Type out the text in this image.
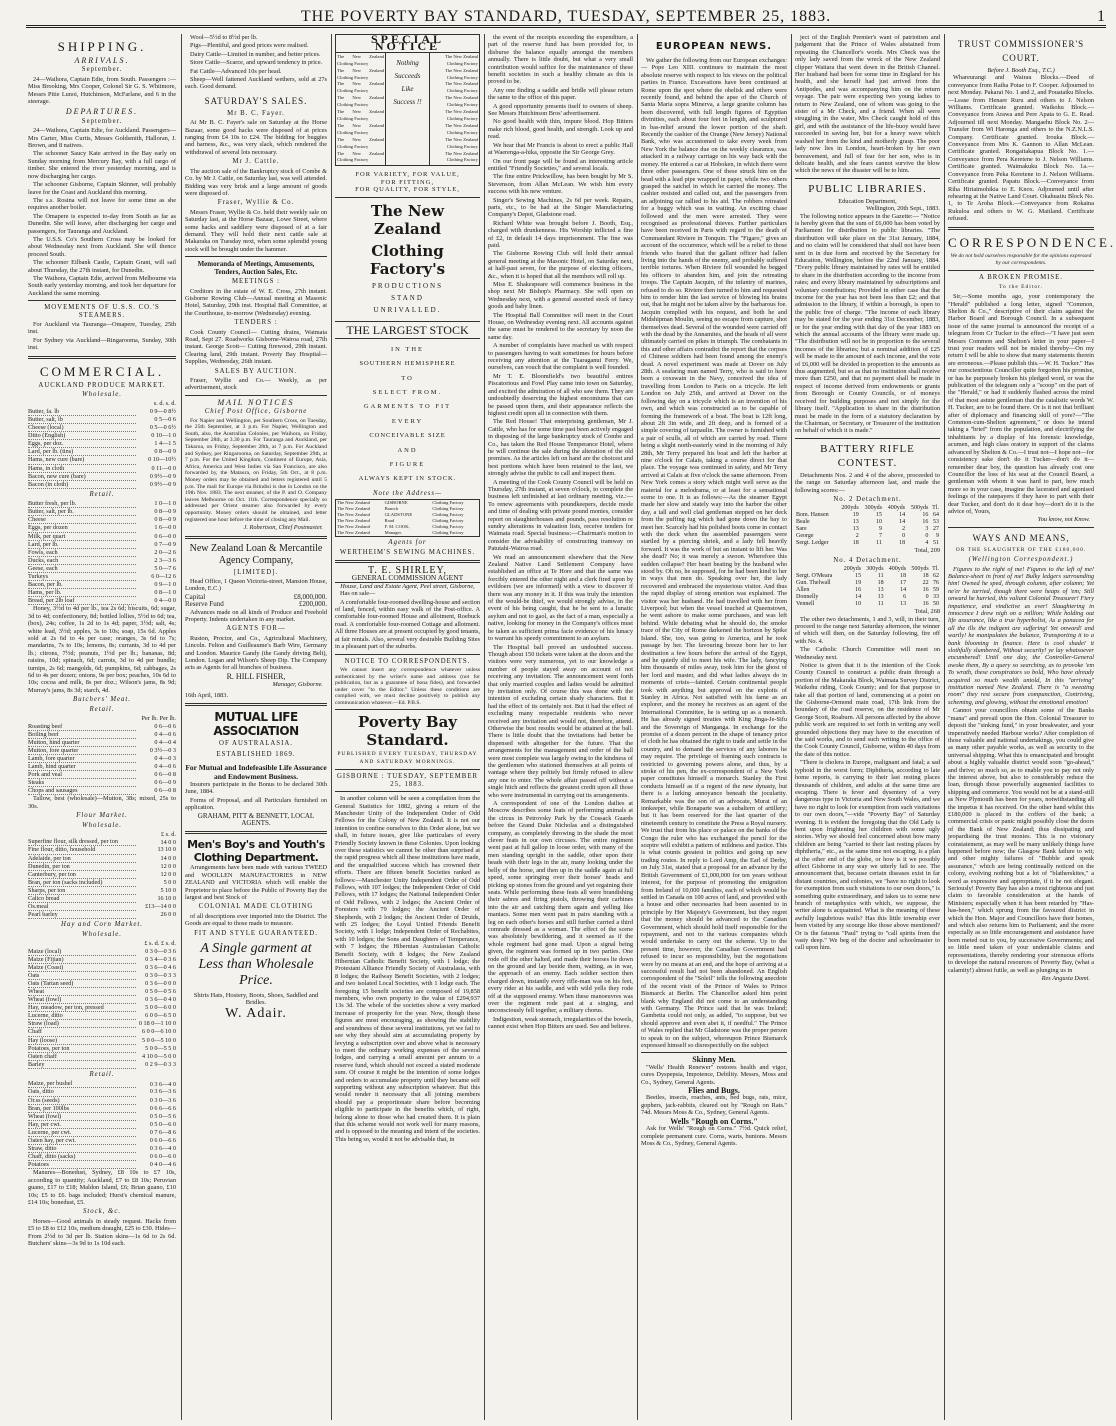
THE POVERTY BAY STANDARD, TUESDAY, SEPTEMBER 25, 1883.	1
SHIPPING.
ARRIVALS.
September.

24—Waihora, Captain Edie, from South. Passengers :—Miss Brooking, Mrs Cooper, Colonel Sir G. S. Whitmore, Messrs Pitie Lunoi, Hutchinson, McFarlane, and 6 in the steerage.

DEPARTURES.
September.

24—Waihora, Captain Edie, for Auckland. Passengers—Mrs Carter, Miss Curtis, Messrs Goldsmith, Halloran, J. Brown, and 8 natives.

The schooner Saucy Kate arrived in the Bay early on Sunday morning from Mercury Bay, with a full cargo of timber. She entered the river yesterday morning, and is now discharging her cargo.

The schooner Gisborne, Captain Skinner, will probably leave for the Coast and Auckland this morning.

The s.s. Rosina will not leave for some time as she requires another boiler.

The Omapere is expected to-day from South as far as Dunedin. She will leave, after discharging her cargo and passengers, for Tauranga and Auckland.

The U.S.S. Co's Southern Cross may be looked for about Wednesday next from Auckland. She will thence proceed South.

The schooner Eilbank Castle, Captain Grant, will sail about Thursday, the 27th instant, for Dunedin.

The Waihora, Captain Edie, arrived from Melbourne via South early yesterday morning, and took her departure for Auckland the same morning.

MOVEMENTS OF U.S.S. CO.'S STEAMERS.

For Auckland via Tauranga—Omapere, Tuesday, 25th inst.

For Sydney via Auckland—Ringarooma, Sunday, 30th inst.

COMMERCIAL.
AUCKLAND PRODUCE MARKET.
Wholesale.
s. d. s. d.
Butter, fa. lb	0 9—0 8½
Butter, salt, lb	0 5—0 6
Cheese (local)	0 5—0 6½
Ditto (English)	0 10—1 0
Eggs, per doz.	1 4—1 5
Lard, per lb. (tins)	0 8—0 9
Hams, new cure (bare)	0 10—10½
Hams, in cloth	0 11—0 0
Bacon, new cure (bare)	0 9½—0 9
Bacon (in cloth)	0 9½—0 9
Retail.
Butter fresh, per lb.	1 0—1 0
Butter, salt, per lb.	0 8—0 9
Cheese	0 8—0 9
Eggs, per dozen	1 6—0 0
Milk, per quart	0 6—0 0
Lard, per lb.	0 7—0 9
Fowls, each	2 0—2 6
Ducks, each	2 3—3 6
Geese, each	5 0—7 6
Turkeys	6 0—12 6
Bacon, per lb.	0 9—1 0
Hams, per lb.	0 8—1 0
Bread, per 2lb loaf	0 4—0 0

Honey, 3½d to 4d per lb., tea 2s 6d; biscuits, 6d; sugar, 3d to 4d; confectionery, 8d; bottled lollies, 5½d to 6d; tea, (box), 24s; coffee, 1s 2d to 1s 4d; paper, 3½d; salt, 4s; white lead, 3½d; apples, 3s to 10s; soap, 15s 6d. Apples sold at 2s 6d to 4s per case; oranges, 3s 6d to 7s; mandarins, 7s to 10s; lemons, 8s; currants, 3d to 4d per lb.; citrons, 7½d; peanuts, 1½d per lb.; bananas, 8d; raisins, 10d; spinach, 6d; carrots, 3d to 4d per bundle; turnips, 2s 6d; mangolds, 6d; pumpkins, 6d; cabbages, 2s 6d to 4s per dozen; onions, 9s per box; peaches, 10s 6d to 10s; cocoa and milk, 8s per doz.; Wilson's jams, 8s 9d; Murray's jams, 8s 3d; starch, 4d.

Butchers' Meat.
Retail.
Per lb. Per lb.
Roasting beef	0 6—0 6
Boiling beef	0 4—0 6
Mutton, hind quarter	0 4—0 4
Mutton, fore quarter	0 3½—0 3
Lamb, fore quarter	0 4—0 3
Lamb, hind quarter	0 4—0 6
Pork and veal	0 6—0 8
Steaks	0 6—0 9
Chops and sausages	0 6—0 8

Tallow, best (wholesale)—Mutton, 38s; mixed, 25s to 30s.

Flour Market.
Wholesale.
£ s. d.
Superfine flour, silk dressed, per ton	14 0 0
Fine flour, ditto, household	13 10 0
Adelaide, per ton	14 0 0
Dunedin, per ton	12 0 0
Canterbury, per ton	12 0 0
Bran, per ton (sacks included)	5 0 0
Sharps, per ton	5 10 0
Calico bread	16 10 0
Os.meal	£13—14 0 0
Pearl barley	26 0 0
Hay and Corn Market.
Wholesale.
£ s. d. £ s. d.
Maize (local)	0 3 0—0 3 6
Maize (Fijian)	0 3 4—0 3 6
Maize (Coast)	0 3 6—0 4 6
Oats	0 3 0—0 3 3
Oats (Tartan seed)	0 3 6—0 0 0
Wheat	0 5 0—0 5 6
Wheat (fowl)	0 3 6—0 4 0
Hay, meadow, per ton, pressed	5 0 0—6 0 0
Lucerne, ditto	6 0 0—6 5 0
Straw (load)	0 18 0—1 10 0
Chaff	6 0 0—6 10 0
Hay (loose)	5 0 0—5 10 0
Potatoes, per ton	5 0 0—5 5 0
Oaten chaff	4 10 0—5 0 0
Barley	0 2 9—0 3 3
Retail.
Maize, per bushel	0 3 6—4 0
Oats, ditto	0 3 6—3 6
Or.ss (seeds)	0 3 0—3 6
Bran, per 100lbs	0 6 6—6 6
Wheat (fowl)	0 5 0—5 6
Hay, per cwt.	0 5 0—6 0
Lucerne, per cwt.	0 7 6—8 6
Oaten hay, per cwt.	0 6 0—6 6
Straw, ditto	0 3 6—4 0
Chaff, ditto (sacks)	0 6 0—6 0
Potatoes	0 4 0—4 6

Manures—Bonedust, Sydney, £8 10s to £7 10s, according to quantity; Auckland, £7 to £8 10s; Peruvian guano, £17 to £18; Maldon Island, £6; Brian guano, £10 10s; £5 to £6. bags included; Hurst's chemical manure, £14 10s; bonedust, £5.

Stock, &c.

Horses—Good animals in steady request. Hacks from £5 to £8 to £12 10s, medium draught, £25 to £30. Hides—From 2½d to 3d per lb. Station skins—1s 6d to 2s 6d. Butchers' skins—3s 9d to 1s 10d each.

Wool—5½d to 8½d per lb.

Pigs—Plentiful, and good prices were realised.

Dairy Cattle—Limited in number, and better prices.

Store Cattle—Scarce, and upward tendency in price.

Fat Cattle—Advanced 10s per head.

Sheep—Well fattened Auckland wethers, sold at 27s each. Good demand.

SATURDAY'S SALES.
Mr B. C. Fayer.

At Mr B. C. Fayer's sale on Saturday at the Horse Bazaar, some good hacks were disposed of at prices ranging from £4 10s to £24. The bidding for buggies and harness, &c., was very slack, which rendered the withdrawal of several lots necessary.

Mr J. Cattle.

The auction sale of the Bankruptcy stock of Combe & Co. by Mr J. Cattle, on Saturday last, was well attended. Bidding was very brisk and a large amount of goods were disposed of.

Fraser, Wyllie & Co.

Messrs Fraser, Wyllie & Co. held their weekly sale on Saturday last, at the Horse Bazaar, Lowe Street, where some hacks and saddlery were disposed of at a fair demand. They will hold their next cattle sale at Makaraka on Tuesday next, when some splendid young stock will be brought under the hammer.

Memoranda of Meetings, Amusements, Tenders, Auction Sales, Etc.
MEETINGS :

Creditors in the estate of W. E. Cross, 27th instant. Gisborne Rowing Club—Annual meeting at Masonic Hotel, Saturday, 29th inst. Hospital Ball Committee, at the Courthouse, to-morrow (Wednesday) evening.

TENDERS :

Cook County Council— Cutting drains, Waimata Road, Sept 27. Roadworks Gisborne-Wairoa road, 27th instant. George Scott— Cutting firewood, 29th instant. Clearing land, 29th instant. Poverty Bay Hospital— Supplies, Wednesday, 26th instant.

SALES BY AUCTION.

Fraser, Wyllie and Co.— Weekly, as per advertisement, stock

MAIL NOTICES
Chief Post Office, Gisborne

For Napier and Wellington, per Southern Cross, on Tuesday, the 25th September, at 3 p.m. For Napier, Wellington and South, also, the Australian Colonies, per Waihora, on Friday, September 28th, at 3.30 p.m. For Tauranga and Auckland, per Takaroa, on Friday, September 28th, at 7 p.m. For Auckland and Sydney, per Ringarooma, on Saturday, September 29th, at 7 p.m. For the United Kingdom, Continent of Europe, Asia, Africa, America and West Indies via San Francisco, are also forwarded by, the Mataura, on Friday, 5th Oct., at 8 p.m. Money orders may be obtained and letters registered until 5 p.m. The mail for Europe via Brindisi is due in London on the 19th Nov. 1883. The next steamer, of the P. and O. Company leaves Melbourne on Oct. 11th. Correspondence specially so addressed per Orient steamer also forwarded by every opportunity. Money orders should be obtained, and letter registered one hour before the time of closing any Mail.

J. Robertson, Chief Postmaster.
New Zealand Loan & Mercantile Agency Company,
[LIMITED].

Head Office, 1 Queen Victoria-street, Mansion House, London, E.C.)

Capital	£8,000,000.
Reserve Fund	£200,000.

Advances made on all kinds of Produce and Freehold Property. Indents undertaken in any market.

AGENTS FOR—

Ruston, Proctor, and Co., Agricultural Machinery, Lincoln. Felton and Guilleaume's Barb Wire, Germany and London. Maurice Gandy (the Gandy driving Belt), London. Logan and Wilson's Sheep Dip. The Company acts as Agents for all branches of business.

R. HILL FISHER,
Manager, Gisborne.
16th April, 1883.
MUTUAL LIFE ASSOCIATION
OF AUSTRALASIA.
ESTABLISHED 1869.
For Mutual and Indefeasible Life Assurance and Endowment Business.

Insurers participate in the Bonus to be declared 30th June, 1884.

Forms of Proposal, and all Particulars furnished on application.

GRAHAM, PITT & BENNETT, LOCAL AGENTS.
Men's Boy's and Youth's Clothing Department.

Arrangements have been made with various TWEED and WOOLLEN MANUFACTORIES in NEW ZEALAND and VICTORIA which will enable the Proprietor to place before the Public of Poverty Bay the largest and best Stock of

COLONIAL MADE CLOTHING

of all descriptions ever imported into the District. The Goods are equal to those made to measure.

FIT AND STYLE GUARANTEED.
A Single garment at
Less than Wholesale
Price.
Shirts Hats, Hosiery, Boots, Shoes, Saddled and Bridles.
W. Adair.
SPECIAL NOTICE
The New Zealand Clothing Factory
The New Zealand Clothing Factory
The New Zealand Clothing Factory
The New Zealand Clothing Factory
The New Zealand Clothing Factory
The New Zealand Clothing Factory
The New Zealand Clothing Factory
The New Zealand Clothing Factory
Nothing
Succeeds
Like
Success !!
The New Zealand Clothing Factory
The New Zealand Clothing Factory
The New Zealand Clothing Factory
The New Zealand Clothing Factory
The New Zealand Clothing Factory
The New Zealand Clothing Factory
The New Zealand Clothing Factory
The New Zealand Clothing Factory
FOR VARIETY, FOR VALUE,
FOR FITTING,
FOR QUALITY, FOR STYLE,
The New Zealand
Clothing Factory's
PRODUCTIONS
STAND
UNRIVALLED.
THE LARGEST STOCK
IN THE
SOUTHERN HEMISPHERE
TO
SELECT FROM.
GARMENTS TO FIT
EVERY
CONCEIVABLE SIZE
AND
FIGURE
ALWAYS KEPT IN STOCK.
Note the Address—
The New Zealand	GISBORNE	Clothing Factory
The New Zealand	Branch	Clothing Factory
The New Zealand	GLADSTONE	Clothing Factory
The New Zealand	Road	Clothing Factory
The New Zealand	F. M. COOK,	Clothing Factory
The New Zealand	Manager.	Clothing Factory
Agents for
WERTHEIM'S SEWING MACHINES.
T. E. SHIRLEY,
GENERAL COMMISSION AGENT
House, Land and Estate Agent, Peel street, Gisborne,

Has on sale—

A comfortable four-roomed dwelling-house and section of land, fenced, within easy walk of the Post-office. A comfortable four-roomed House and allotment, Roebuck road. A comfortable four-roomed Cottage and allotment. All three Houses are at present occupied by good tenants, at fair rentals. Also, several very desirable Building Sites in a pleasant part of the suburbs.

NOTICE TO CORRESPONDENTS.

We cannot insert any correspondence whatever unless authenticated by the writer's name and address (not for publication, but as a guarantee of bona fides), and forwarded under cover "to the Editor." Unless these conditions are complied with, we must decline positively to publish any communication whatever.—Ed. P.B.S.

Poverty Bay Standard.
PUBLISHED EVERY TUESDAY, THURSDAY AND SATURDAY MORNINGS.
GISBORNE : TUESDAY, SEPTEMBER 25, 1883.

In another column will be seen a compilation from the General Statistics for 1882, giving a return of the Manchester Unity of the Independent Order of Odd Fellows for the Colony of New Zealand. It is not our intention to confine ourselves to this Order alone, but we shall, in future issues, give like particulars of every Friendly Society known in these Colonies. Upon looking over these statistics we cannot be other than surprised at the rapid progress which all these institutions have made, and the unqualified success which has crowned their efforts. There are fifteen benefit Societies ranked as follows:—Manchester Unity Independent Order of Odd Fellows, with 107 lodges; the Independent Order of Odd Fellows, with 17 lodges; the National Independent Order of Odd Fellows, with 2 lodges; the Ancient Order of Foresters with 79 lodges; the Ancient Order of Shepherds, with 2 lodges; the Ancient Order of Druids, with 25 lodges; the Loyal United Friends Benefit Society, with 1 lodge; Independent Order of Rechabites, with 10 lodges; the Sons and Daughters of Temperance, with 7 lodges; the Hibernian Australasian Catholic Benefit Society, with 8 lodges; the New Zealand Hibernian Catholic Benefit Society, with 1 lodge; the Protestant Alliance Friendly Society of Australasia, with 8 lodges; the Railway Benefit Societies, with 2 lodges; and two isolated Local Societies, with 1 lodge each. The foregoing 15 benefit societies are composed of 19,858 members, who own property to the value of £294,937 13s 3d. The whole of the societies show a very marked increase of prosperity for the year. Now, though these figures are most encouraging, as showing the stability and soundness of these several institutions, yet we fail to see why they should aim at accumulating property by levying a subscription over and above what is necessary to meet the ordinary working expenses of the several lodges, and carrying a small amount per annum to a reserve fund, which should not exceed a stated moderate sum. Of course it might be the intention of some lodges and orders to accumulate property until they became self supporting without any subscription whatever. But this would render it necessary that all joining members should pay a proportionate share before becoming eligible to participate in the benefits which, of right, belong alone to those who had created them. It is plain that this scheme would not work well for many reasons, and is opposed to the meaning and intent of the societies. This being so, would it not be advisable that, in

the event of the receipts exceeding the expenditure, a part of the reserve fund has been provided for, to disburse the balance equally amongst the members annually. There is little doubt, but what a very small contribution would suffice for the maintenance of these benefit societies in such a healthy climate as this is proved to be.

Any one finding a saddle and bridle will please return the same to the office of this paper.

A good opportunity presents itself to owners of sheep. See Messrs Hutchinson Bros' advertisement.

No good health with thin, impure blood. Hop Bitters make rich blood, good health, and strength. Look up and read.

We hear that Mr Francis is about to erect a public Hall at Waerenga-a-hika, opposite the Sir George Grey.

On our front page will be found an interesting article entitled "Friendly Societies," and several locals.

The fine entire Prickwillow, has been bought by Mr S. Stevenson, from Allan McLean. We wish him every success with his new venture.

Singer's Sewing Machines, 2s 6d per week. Repairs, parts, etc., to be had at the Singer Manufacturing Company's Depot, Gladstone road.

Richard White was brought before J. Booth, Esq., charged with drunkenness. His Worship inflicted a fine of £2, in default 14 days imprisonment. The fine was paid.

The Gisborne Rowing Club will hold their annual general meeting at the Masonic Hotel, on Saturday next, at half-past seven, for the purpose of electing officers, &c., when it is hoped that all the members will roll up.

Miss E. Shakespeare will commence business in the shop next Mr Bishop's Pharmacy. She will open on Wednesday next, with a general assorted stock of fancy goods and baby linen.

The Hospital Ball Committee will meet in the Court House, on Wednesday evening next. All accounts against the same must be rendered to the secretary by noon the same day.

A number of complaints have reached us with respect to passengers having to wait sometimes for hours before receiving any attention at the Tuaraganui Ferry. We, ourselves, can vouch that the complaint is well founded.

Mr T. E. Bloomfield's two beautiful entires Piscatorious and Fowl Play came into town on Saturday, and excited the admiration of all who saw them. They are undoubtedly deserving the highest encomiums that can be passed upon them, and their appearance reflects the highest credit upon all in connection with them.

The Red House! That enterprising gentleman, Mr J. Cattle, who has for some time past been actively engaged in disposing of the large bankruptcy stock of Combe and Co., has taken the Red House Temperance Hotel, where he will continue the sale during the alteration of the old premises. As the articles left on hand are the choicest and best portions which have been retained to the last, we strongly advise the public to call and inspect them.

A meeting of the Cook County Council will be held on Thursday, 27th instant, at seven o'clock, to complete the business left unfinished at last ordinary meeting, viz.:—To renew agreements with poundkeepers, decide mode and time of dealing with private pound monies, consider report on slaughterhouses and pounds, pass resolution re sundry alterations in valuation lists, receive tenders for Waimata road. Special business:—Chairman's motion to consider the advisability of constructing tramway on Patutahi-Wairoa road.

We read an announcement elsewhere that the New Zealand Native Land Settlement Company have established an office at Te Hore and that the same was forcibly entered the other night and a clerk fired upon by evildoers (we are informed) with a view to discover if there was any money in it. If this was truly the intention of the would-be thief, we would strongly advise, in the event of his being caught, that he be sent to a lunatic asylum and not to gaol, as the fact of a man, especially a native, looking for money in the Company's offices must be taken as sufficient prima facie evidence of his lunacy to warrant his speedy commitment to an asylum.

The Hospital ball proved an undoubted success. Though about 150 tickets were taken at the doors and the visitors were very numerous, yet to our knowledge a number of people stayed away on account of not receiving any invitation. The announcement went forth that only married couples and ladies would be admitted by invitation only. Of course this was done with the intention of excluding certain shady characters. But it had the effect of its certainly not. But it had the effect of excluding many respectable residents who never received any invitation and would not, therefore, attend. Otherwise the best results would be attained at the ball. There is little doubt that the invitations had better be dispensed with altogether for the future. That the arrangements for the management and order of the ball were most complete was largely owing to the kindness of the gentlemen who stationed themselves at all points of vantage where they politely but firmly refused to allow any one to enter. The whole affair passed off without a single hitch and reflects the greatest credit upon all those who were instrumental in carrying out its arrangements.

A correspondent of one of the London dailies at Moscow describes some feats of performing animals at the circus in Petrovsky Park by the Cossack Guards before the Grand Duke Nicholas and a distinguished company, as completely throwing in the shade the most clever feats in our own circuses. The entire regiment went past at full gallop in loose order, with many of the men standing upright in the saddle, other upon their heads with their legs in the air, many looking under the belly of the horse, and then up in the saddle again at full speed, some springing over their horses' heads and picking up stones from the ground and yet regaining their seats. While performing these feats all were brandishing their sabres and firing pistols, throwing their carbines into the air and catching them again and yelling like maniacs. Some men went past in pairs standing with a leg on each other's horses and still further carried a third comrade dressed as a woman. The effect of the scene was absolutely bewildering, and it seemed as if the whole regiment had gone mad. Upon a signal being given, the regiment was formed up in two parties. One rode off the other halted, and made their horses lie down on the ground and lay beside them, waiting, as in war, the approach of an enemy. Each soldier section then charged down, instantly every rifle-man was on his feet, every rider at his saddle, and with wild yells they rode off at the supposed enemy. When these manoeuvres was over the regiment rode past at a singing, and unconsciously fell together, a military chorus.

Indigestion, weak stomach, irregularities of the bowels, cannot exist when Hop Bitters are used. See and believe.

EUROPEAN NEWS.

We gather the following from our European exchanges:— Pope Leo XIII. continues to maintain the most absolute reserve with respect to his views on the political parties in France. Excavations have been continued at Rome upon the spot where the obelisk and others were recently found, and behind the apse of the Church of Santa Maria sopra Minerva, a large granite column has been discovered, with full length figures of Egyptian divinities, each about four feet in length, and sculptured in bas-relief around the lower portion of the shaft. Recently the cashier of the Orange (New Jersey) National Bank, who was accustomed to take every week from New York the balance due on the weekly clearance, was attacked in a railway carriage on his way back with the money. He entered a car at Hoboken, in which there were three other passengers. One of these struck him on the head with a lead pipe wrapped in paper, while two others grasped the satchel in which he carried the money. The cashier resisted and called out, and the passengers from an adjoining car rallied to his aid. The robbers retreated for a buggy which was in waiting. An exciting chase followed and the men were arrested. They were recognised as professional thieves. Further particulars have been received in Paris with regard to the death of Commandant Riviere in Tonquin. The "Figaro," gives an account of the occurrence, which will be a relief to those friends who feared that the gallant officer had fallen living into the hands of the enemy, and probably suffered terrible tortures. When Riviere fell wounded he begged his officers to abandon him, and join the retreating troops. The Captain Jacquin, of the infantry of marines, refused to do so. Riviere then turned to him and requested him to render him the last service of blowing his brains out, that he might not be taken alive by the barbarous foe. Jacquin complied with his request, and both he and Midshipman Moulin, seeing no escape from capture, shot themselves dead. Several of the wounded were carried off with the dead by the Annamites, and the heads of all were ultimately carried on pikes in triumph. The combatants in this and other affairs contradict the report that the corpses of Chinese soldiers had been found among the enemy's dead. A novel experiment was made at Dover on July 28th. A seafaring man named Terry, who is said to have been a coxswain in the Navy, conceived the idea of travelling from London to Paris on a tricycle. He left London on July 25th, and arrived at Dover on the following day on a tricycle which is an invention of his own, and which was constructed as to be capable of forming the framework of a boat. The boat is 12ft long, about 2ft 3in wide, and 2ft deep, and is formed of a simple covering of tarpaulin. The owner is furnished with a pair of sculls, all of which are carried by road. There being a slight north-easterly wind in the morning of July 28th, Mr Terry prepared his boat and left the harbor at nine o'clock for Calais, taking a course direct for that place. The voyage was continued in safety, and Mr Terry arrived at Calais at five o'clock the same afternoon. From New York comes a story which might well serve as the material for a melodrama, or at least for a sensational scene to one. It is as follows:—As the steamer Egypt made her slow and stately way into the harbor the other day, a tall and well clad gentleman stepped on her deck from the puffing tug which had gone down the bay to meet her. Scarcely had his polished boots come in contact with the deck when the assembled passengers were startled by a piercing shriek, and a lady fell heavily forward. It was the work of but an instant to lift her. Was she dead? No; it was merely a swoon. Wherefore this sudden collapse? Her heart beating by the husband who stood by. Oh no, he supposed, for he had been kind to her in ways that men do. Speaking over her, the lady recovered and embraced the mysterious visitor. And thus the rapid display of strong emotion was explained. The visitor was her husband. He had travelled with her from Liverpool; but when the vessel touched at Queenstown, he went ashore to make some purchases, and was left behind. While debating what he should do, the smoke trace of the City of Rome darkened the horizon by Spike Island. She, too, was going to America, and he took passage by her. The favouring breeze bore her to her destination a few hours before the arrival of the Egypt, and he quietly slid to meet his wife. The lady, fancying him thousands of miles away, took him for the ghost of her lord and master, and did what ladies always do in moments of crisis—fainted. Certain continental people took with anything but approval on the exploits of Stanley in Africa. Not satisfied with his fame as an explorer, and the money he receives as an agent of the International Committee, he is setting up as a monarch. He has already signed treaties with King Jinga-Je-Sifu and the Sovereign of Manganga. In exchange for the promise of a dozen percent in the shape of tenancy price of cloth he has obtained the right to trade and settle in the country, and to demand the services of any laborers he may require. The privilege of framing such contracts is restricted to governing powers alone, and thus, by a stroke of his pen, the ex-correspondent of a New York paper constitutes himself a monarch. Stanley the First conducts himself as if a regent of the new dynasty, but there is a lurking annoyance beneath the jocularity. Remarkable was the son of an advocate, Murat of an innkeeper, while Bonaparte was a subaltern of artillery; but it has been reserved for the last quarter of the nineteenth century to constitute the Press a Royal nursery. We trust that from his place or palace on the banks of the Congo the ruler who has exchanged the pencil for the sceptre will exhibit a pattern of mildness and justice. This is what counts greatest in politics and going up new trading routes. In reply to Lord Amp, the Earl of Derby, on July 31st, stated that a proposal for an advance by the British Government of £1,000,000 for ten years without interest, for the purpose of promoting the emigration from Ireland of 10,000 families, each of which would be settled in Canada on 100 acres of land, and provided with a house and other necessaries had been assented to in principle by Her Majesty's Government, but they regret that the money should be advanced to the Canadian Government, which should hold itself responsible for the repayment, and not to the various companies which would undertake to carry out the scheme. Up to the present time, however, the Canadian Government had refused to incur so responsibility, but the negotiations were by no means at an end, and the hope of arriving at a successful result had not been abandoned. An English correspondent of the "Soleil" tells the following anecdote of the recent visit of the Prince of Wales to Prince Bismarck at Berlin. The Chancellor asked him point blank why England did not come to an understanding with Germany. The Prince said that he was Ireland; Gambetta could not only, as added, "to suppose, but we should approve and even abet it, if needful." The Prince of Wales replied that Mr Gladstone was the proper person to speak to on the subject, whereupon Prince Bismarck expressed himself so disrespectfully on the subject

Skinny Men.

"Wells' Health Renewer" restores health and vigor, cures Dyspepsia, Impotence, Debility. Messrs, Moss and Co., Sydney, General Agents.

Flies and Bugs.

Beetles, insects, roaches, ants, bed bugs, rats, mice, gophers, jack-rabbits, cleared out by "Rough on Rats." 74d. Messrs Moss & Co., Sydney, General Agents.

Wells "Rough on Corns."

Ask for Wells' "Rough on Corns." 7½d. Quick relief, complete permanent cure. Corns, warts, bunions. Messrs Moss & Co., Sydney, General Agents.

ject of the English Premier's want of patriotism and judgement that the Prince of Wales abstained from repeating the Chancellor's words. Mrs Check was the only lady saved from the wreck of the New Zealand clipper Waitara that went down in the British Channel. Her husband had been for some time in England for his health, and she herself had just arrived from the Antipodes, and was accompanying him on the return voyage. The pair were expecting two young ladies to return to New Zealand, one of whom was going to the sister of a Mr Check, and a friend. When all were struggling in the water, Mrs Check caught hold of this girl, and with the assistance of the life-buoy would have succeeded in saving her, but for a heavy wave which washed her from the kind and motherly grasp. The poor lady now lies in London, heart-broken by her own bereavement, and full of fear for her son, who is in delicate health, and she fears cannot survive the blow which the news of the disaster will be to him.

PUBLIC LIBRARIES.
Education Department,
Wellington, 20th Sept., 1883.

The following notice appears in the Gazette:— "Notice is hereby given that the sum of £6,000 has been voted by Parliament for distribution to public libraries. "The distribution will take place on the 31st January, 1884, and no claim will be considered that shall not have been sent in in due form and received by the Secretary for Education, Wellington, before the 22nd January, 1884. "Every public library maintained by rates will be entitled to share in the distribution according to the income from rates; and every library maintained by subscriptions and voluntary contributions; Provided in either case that the income for the year has not been less than £2; and that admission to the library, if within a borough, is open to the public free of charge. "The income of each library may be stated for the year ending 31st December, 1883, or for the year ending with that day of the year 1883 on which the annual accounts of the library were made up. "The distribution will not be in proportion to the several incomes of the libraries; but a nominal addition of £25 will be made to the amount of each income, and the vote of £6,000 will be divided in proportion to the amounts as thus augmented, but so as that no institution shall receive more than £250, and that no payment shall be made in respect of income derived from endowments or grants from Borough or County Councils, or of moneys received for building purposes and not simply for the library itself. "Application to share in the distribution must be made in the form of a statutory declaration by the Chairman, or Secretary, or Treasurer of the institution on behalf of which it is made."

BATTERY RIFLE CONTEST.

Detachments Nos. 2 and 4 of the above, proceeded to the range on Saturday afternoon last, and made the following scores:—

No. 2 Detachment.
	200yds	300yds	400yds	500yds	Tl.
Bom. Hansen	19	15	14	16	64
Beale	13	10	14	16	53
Sare	13	9	2	3	27
George	2	7	0	0	9
Sergt. Ledger	18	11	18	4	51
Total, 209
No. 4 Detachment.
	200yds	300yds	400yds	500yds	Tl.
Sergt. O'Meara	15	11	18	18	62
Gun. Thelwall	19	18	17	22	76
Allen	16	13	14	16	59
Donnelly	14	13	6	0	33
Vennell	10	11	13	16	50
Total, 268

The other two detachments, 1 and 3, will, in their turn, proceed to the range next Saturday afternoon, the winner of which will then, on the Saturday following, fire off with No. 4.

The Catholic Church Committee will meet on Wednesday next.

Notice is given that it is the intention of the Cook County Council to construct a public drain through a portion of the Makaraka Block, Waimata Survey District, Waikohu riding, Cook County; and for that purpose to take all that portion of land, commencing at a point on the Gisborne-Ormond main road, 17th link from the boundary of the road reserve, on the residence of Mr George Scott, Roaburn. All persons affected by the above public work are required to set forth in writing any well grounded objections they may have to the execution of the said works, and to send such writing to the office of the Cook County Council, Gisborne, within 40 days from the date of this notice.

"There is cholera in Europe, malignant and fatal; a sad typhoid in the worst form; Diphtheria, according to late home reports, is carrying to their last resting places thousands of children, and adults at the same time are escaping. There is fever and dysentery of a very dangerous type in Victoria and New South Wales, and we have no right to look for exemption from such visitations to our own doors,"—vide "Poverty Bay" of Saturday evening. It is evident the foregoing that the Old Lady is bent upon frightening her children with some ugly stories. Why we should feel concerned about how many children are being "carried to their last resting places by diphtheria," etc., as the same time not escaping, is a plan at the other end of the globe, or how is it we possibly affect Gisborne in any way we utterly fail to see. The announcement that, because certain diseases exist in far distant countries, and colonies, we "have no right to look for exemption from such visitations to our own doors," is something quite extraordinary, and takes us to some new branch of metaphysics with which, we suppose, the writer alone is acquainted. What is the meaning of these awfully lugubrious wails? Has this little township ever been visited by any scourge like those above mentioned? Or is the fatuous "Paul" trying to "call spirits from the vasty deep." We beg of the doctor and schoolmaster to call upon him.

TRUST COMMISSIONER'S COURT.
Before J. Booth Esq., T.C.)

Whareurangi and Wairau Blocks.—Deed of conveyance from Raiha Potae to F. Cooper. Adjourned to next Monday. Pakarai No. 1 and 2, and Pouataiku Blocks.—Lease from Henare Ruru and others to J. Nelson Williams. Certificate granted. Waikohu Block.—Conveyance from Arawa and Pere Apata to G. E. Read. Adjourned till next Monday. Mangaehu Block No. 2—Transfer from Wi Haronga and others to the N.Z.N.L.S. Company. Certificate granted. Irouka Block.—Conveyance from Mrs K. Gannon to Allan McLean. Certificate granted. Rongaitakapua Block No. 1.—Conveyance from Pera Keretene to J. Nelson Williams. Certificate granted. Waimakuku Block No. 1a.—Conveyance from Peka Keretene to J. Nelson Williams. Certificate granted. Papatu Block.—Conveyance from Riha Hiriaimohikia to E. Knox. Adjourned until after rehearing at the Native Land Court. Okahuatiu Block No. 1, to Te Aroha Block.—Conveyance from Rokaina Rukuloa and others to W. G. Maitland. Certificate refused.

CORRESPONDENCE.
We do not hold ourselves responsible for the opinions expressed by our correspondents.
A BROKEN PROMISE.
To the Editor.

Sir,—Some months ago, your contemporary the "Herald" published a long letter, signed "Common, Shelton & Co.," descriptive of their claim against the Harbor Board and Borough Council. In a subsequent issue of the same journal is announced the receipt of a telegram from Cr Tucker to the effect—"I have just seen Messrs Common and Shelton's letter in your paper—I trust your readers will not be misled thereby—On my return I will be able to show that many statements therein are erroneous.—Please publish this.—W. H. Tucker." Has our conscientious Councillor quite forgotten his promise, or has he purposely broken his pledged word, or was the publication of the telegram only a "scoop" on the part of the "Herald," or had it suddenly flashed across the mind of that most astute gentleman that the catalistic words W. H. Tucker, are to be found there. Or is it not that brilliant after of diplomacy and financing skill of yore?—"The Common-cum-Shelton agreement," or does he intend taking a "brief" from the population, and electrifying the inhabitants by a display of his forensic knowledge, acumen, and high class oratory in support of the claims advanced by Shelton & Co.—I trust not—I hope not—for consistency sake don't do it Tucker—don't do it—remember dear boy, the question has already cost one Councillor the loss of his seat at the Council Board, a gentleman with whom it was hard to part, how much more so in your case, imagine the lacerated and agonised feelings of the ratepayers if they have to part with their dear Tucker, and don't do it dear boy—don't do it is the advice of, Yours,

You know, not Know.
WAYS AND MEANS,
OR THE SLAUGHTER OF THE £180,000.
(Wellington Correspondent.)

Figures to the right of me! Figures to the left of me! Balance-sheet in front of me! Bulky ledgers surrounding him! Owned he sped, through column, after column; Yet ne'er he tarried, though there were heaps of 'em; Still onward he hurried, this valiant Colonial Treasurer! Fiery impatience, and vindictive as ever! Slaughtering in innocence I drew nigh on a million; While holding out life assurance, like a true hyperbolist, As a panacea for all the ills the indigent are suffering! Yet onward! and warily! he manipulates the balance, Transporting it to a bank blooming in finance. Here is cool shade! it slothfully slumbered, Without security! ye lay whatsoever encumbered! Until one day, the Controller-General awoke them, By a query so searching, as to provoke 'em To wrath, these conspirators so bold, Who have already acquired so much wealth untold, In this "arriving" institution named New Zealand. There is "a sweating room" they rest secure from compunction, Contriving, scheming, and glowing, without the emotional emotion!

Cannot your councillors obtain some of the Banks "mana" and prevail upon the Hon. Colonial Treasurer to deposit the "sinking fund," in your breakwater, and your imperatively needed Harbour works? After completion of those valuable and national undertakings, you could give as many other payable works, as well as security to the universal shipping. What this is emancipated and brought about a highly valuable district would soon "go-ahead," and thrive; so much so, as to enable you to pay not only the interest above, but also to considerably reduce the loan, through those powerfully augmented facilities to shipping and commerce. You would not be at a stand-still as New Plymouth has been for years, notwithstanding all the impetus it has received. On the other hand whilst this £180,000 is placed in the coffers of the bank; a commercial crisis or panic might possibly close the doors of the Bank of New Zealand; thus dissipating and jeopardising the trust monies. This is no visionary coinstatement, as may well be many unlikely things have happened before now; the Glasgow Bank failure to wit; and other mighty failures of "Bubble and speak assurance," which are being continually noticed on the colony, evolving nothing but a lot of "blatherskites," a word as expressive and appropriate, if it be not elegant. Seriously! Poverty Bay has also a most righteous and just claim to favorable consideration at the hands of Ministers; especially when it has been retarded by "Has-has-been," which sprung from the favoured district in which the Hon. Major and Councillors have their homes, and which also returns him to Parliament; and the more especially as so little encouragement and assistance have been meted out to you, by successive Governments; and so little need taken of your undeniable claims and representations, thereby rendering your strenuous efforts to develope the natural resources of Poverty Bay, (what a calamity!) almost futile, as well as plunging us in

Res Angusta Domi.
